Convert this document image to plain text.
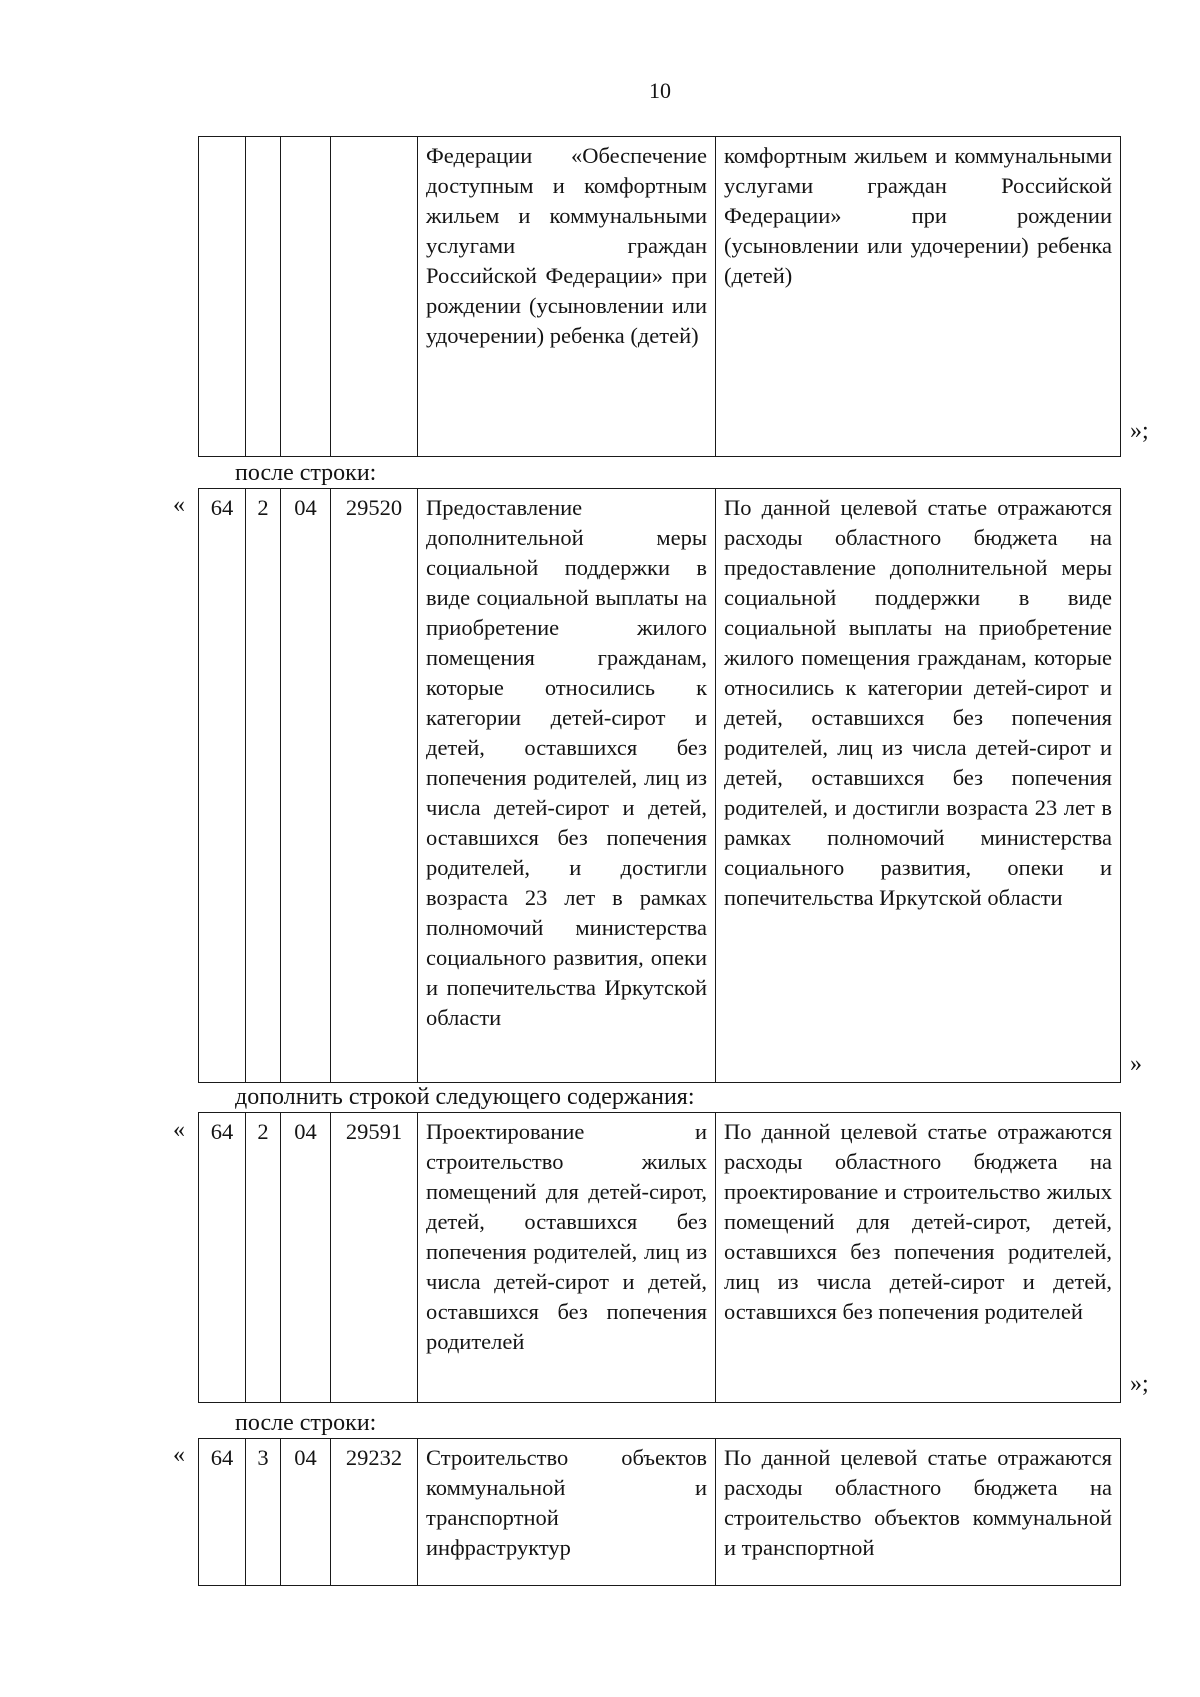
10
				Федерации «Обеспечение доступным и комфортным жильем и коммунальными услугами граждан Российской Федерации» при рождении (усыновлении или удочерении) ребенка (детей)	комфортным жильем и коммунальными услугами граждан Российской Федерации» при рождении (усыновлении или удочерении) ребенка (детей)
»;
после строки:
« 64	2	04	29520	Предоставление дополнительной меры социальной поддержки в виде социальной выплаты на приобретение жилого помещения гражданам, которые относились к категории детей-сирот и детей, оставшихся без попечения родителей, лиц из числа детей-сирот и детей, оставшихся без попечения родителей, и достигли возраста 23 лет в рамках полномочий министерства социального развития, опеки и попечительства Иркутской области	По данной целевой статье отражаются расходы областного бюджета на предоставление дополнительной меры социальной поддержки в виде социальной выплаты на приобретение жилого помещения гражданам, которые относились к категории детей-сирот и детей, оставшихся без попечения родителей, лиц из числа детей-сирот и детей, оставшихся без попечения родителей, и достигли возраста 23 лет в рамках полномочий министерства социального развития, опеки и попечительства Иркутской области
»
дополнить строкой следующего содержания:
« 64	2	04	29591	Проектирование и строительство жилых помещений для детей-сирот, детей, оставшихся без попечения родителей, лиц из числа детей-сирот и детей, оставшихся без попечения родителей	По данной целевой статье отражаются расходы областного бюджета на проектирование и строительство жилых помещений для детей-сирот, детей, оставшихся без попечения родителей, лиц из числа детей-сирот и детей, оставшихся без попечения родителей
»;
после строки:
« 64	3	04	29232	Строительство объектов коммунальной и транспортной инфраструктур	По данной целевой статье отражаются расходы областного бюджета на строительство объектов коммунальной и транспортной
